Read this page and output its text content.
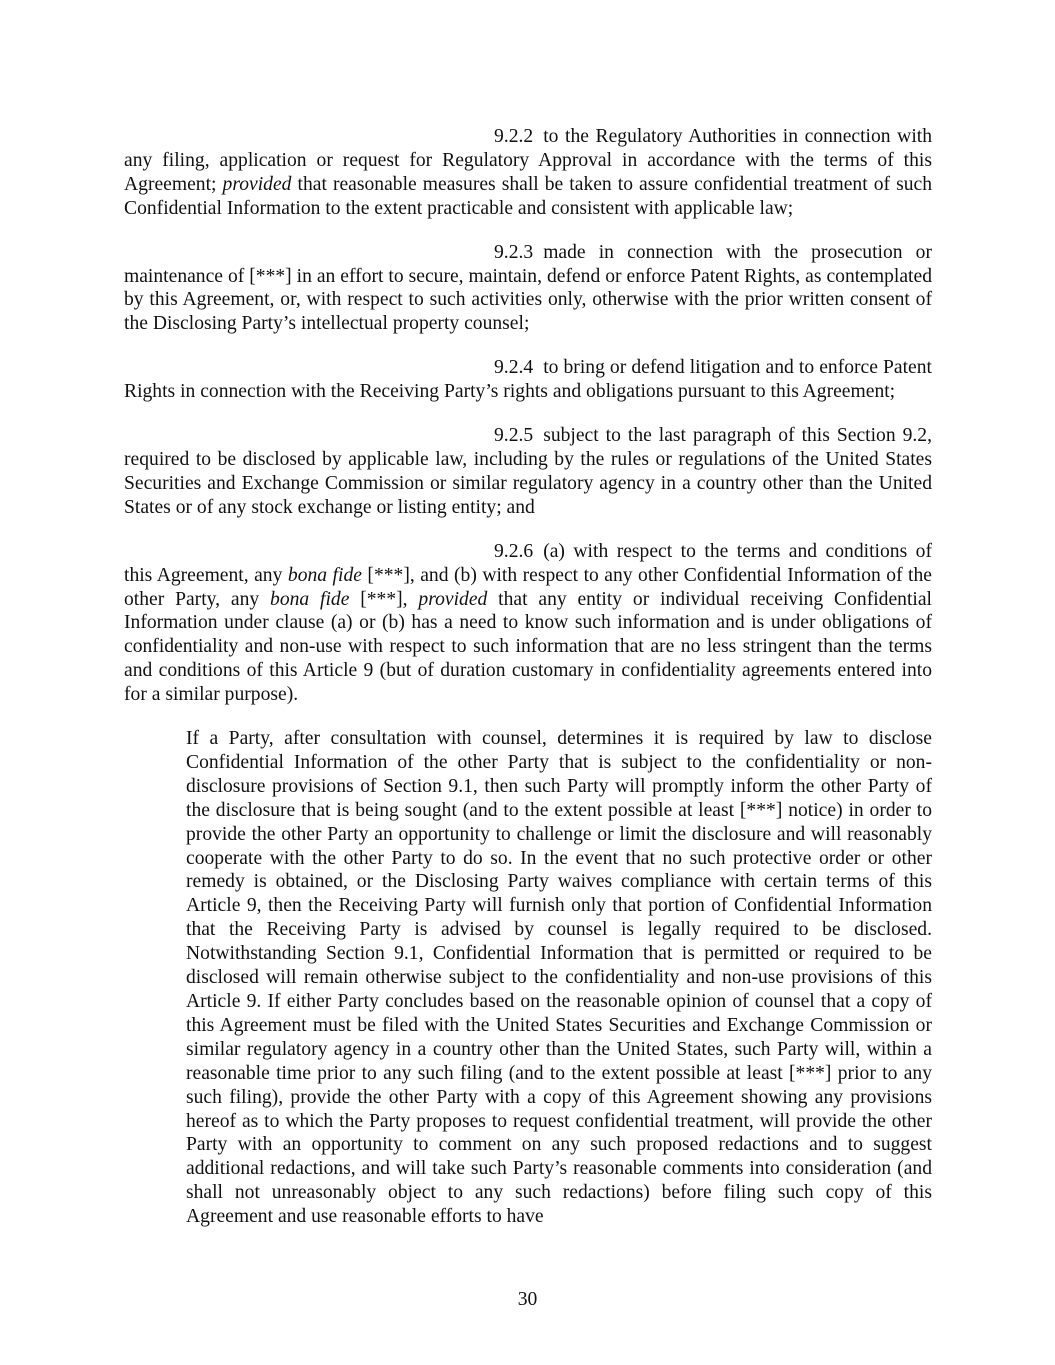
9.2.2 to the Regulatory Authorities in connection with any filing, application or request for Regulatory Approval in accordance with the terms of this Agreement; provided that reasonable measures shall be taken to assure confidential treatment of such Confidential Information to the extent practicable and consistent with applicable law;

9.2.3 made in connection with the prosecution or maintenance of [***] in an effort to secure, maintain, defend or enforce Patent Rights, as contemplated by this Agreement, or, with respect to such activities only, otherwise with the prior written consent of the Disclosing Party’s intellectual property counsel;

9.2.4 to bring or defend litigation and to enforce Patent Rights in connection with the Receiving Party’s rights and obligations pursuant to this Agreement;

9.2.5 subject to the last paragraph of this Section 9.2, required to be disclosed by applicable law, including by the rules or regulations of the United States Securities and Exchange Commission or similar regulatory agency in a country other than the United States or of any stock exchange or listing entity; and

9.2.6 (a) with respect to the terms and conditions of this Agreement, any bona fide [***], and (b) with respect to any other Confidential Information of the other Party, any bona fide [***], provided that any entity or individual receiving Confidential Information under clause (a) or (b) has a need to know such information and is under obligations of confidentiality and non-use with respect to such information that are no less stringent than the terms and conditions of this Article 9 (but of duration customary in confidentiality agreements entered into for a similar purpose).

If a Party, after consultation with counsel, determines it is required by law to disclose Confidential Information of the other Party that is subject to the confidentiality or non-disclosure provisions of Section 9.1, then such Party will promptly inform the other Party of the disclosure that is being sought (and to the extent possible at least [***] notice) in order to provide the other Party an opportunity to challenge or limit the disclosure and will reasonably cooperate with the other Party to do so. In the event that no such protective order or other remedy is obtained, or the Disclosing Party waives compliance with certain terms of this Article 9, then the Receiving Party will furnish only that portion of Confidential Information that the Receiving Party is advised by counsel is legally required to be disclosed. Notwithstanding Section 9.1, Confidential Information that is permitted or required to be disclosed will remain otherwise subject to the confidentiality and non-use provisions of this Article 9. If either Party concludes based on the reasonable opinion of counsel that a copy of this Agreement must be filed with the United States Securities and Exchange Commission or similar regulatory agency in a country other than the United States, such Party will, within a reasonable time prior to any such filing (and to the extent possible at least [***] prior to any such filing), provide the other Party with a copy of this Agreement showing any provisions hereof as to which the Party proposes to request confidential treatment, will provide the other Party with an opportunity to comment on any such proposed redactions and to suggest additional redactions, and will take such Party’s reasonable comments into consideration (and shall not unreasonably object to any such redactions) before filing such copy of this Agreement and use reasonable efforts to have

30
